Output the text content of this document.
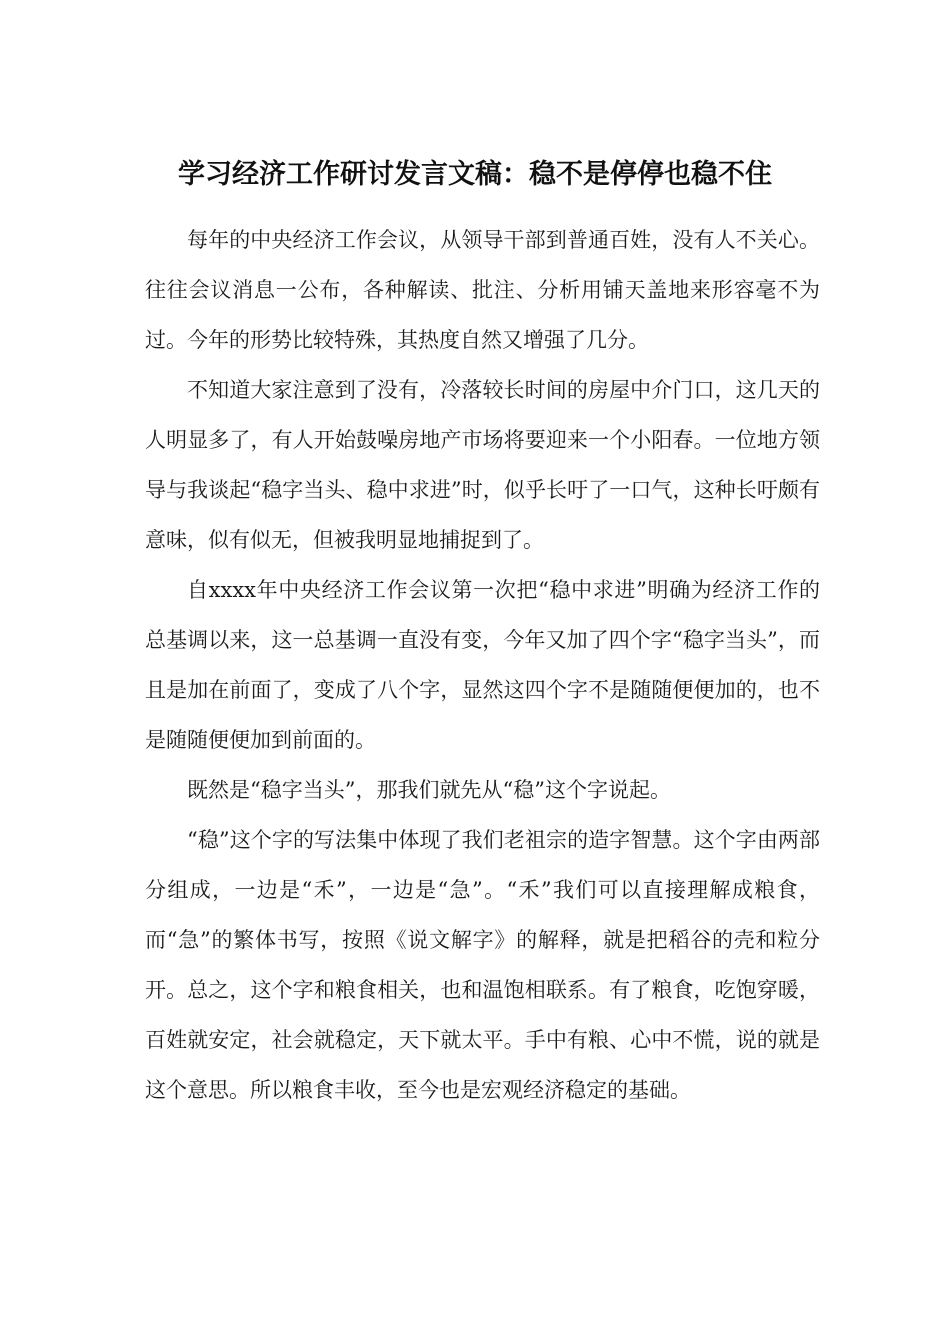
学习经济工作研讨发言文稿：稳不是停停也稳不住

每年的中央经济工作会议，从领导干部到普通百姓，没有人不关心。往往会议消息一公布，各种解读、批注、分析用铺天盖地来形容毫不为过。今年的形势比较特殊，其热度自然又增强了几分。

不知道大家注意到了没有，冷落较长时间的房屋中介门口，这几天的人明显多了，有人开始鼓噪房地产市场将要迎来一个小阳春。一位地方领导与我谈起“稳字当头、稳中求进”时，似乎长吁了一口气，这种长吁颇有意味，似有似无，但被我明显地捕捉到了。

自xxxx年中央经济工作会议第一次把“稳中求进”明确为经济工作的总基调以来，这一总基调一直没有变，今年又加了四个字“稳字当头”，而且是加在前面了，变成了八个字，显然这四个字不是随随便便加的，也不是随随便便加到前面的。

既然是“稳字当头”，那我们就先从“稳”这个字说起。

“稳”这个字的写法集中体现了我们老祖宗的造字智慧。这个字由两部分组成，一边是“禾”，一边是“急”。“禾”我们可以直接理解成粮食，而“急”的繁体书写，按照《说文解字》的解释，就是把稻谷的壳和粒分开。总之，这个字和粮食相关，也和温饱相联系。有了粮食，吃饱穿暖，百姓就安定，社会就稳定，天下就太平。手中有粮、心中不慌，说的就是这个意思。所以粮食丰收，至今也是宏观经济稳定的基础。
